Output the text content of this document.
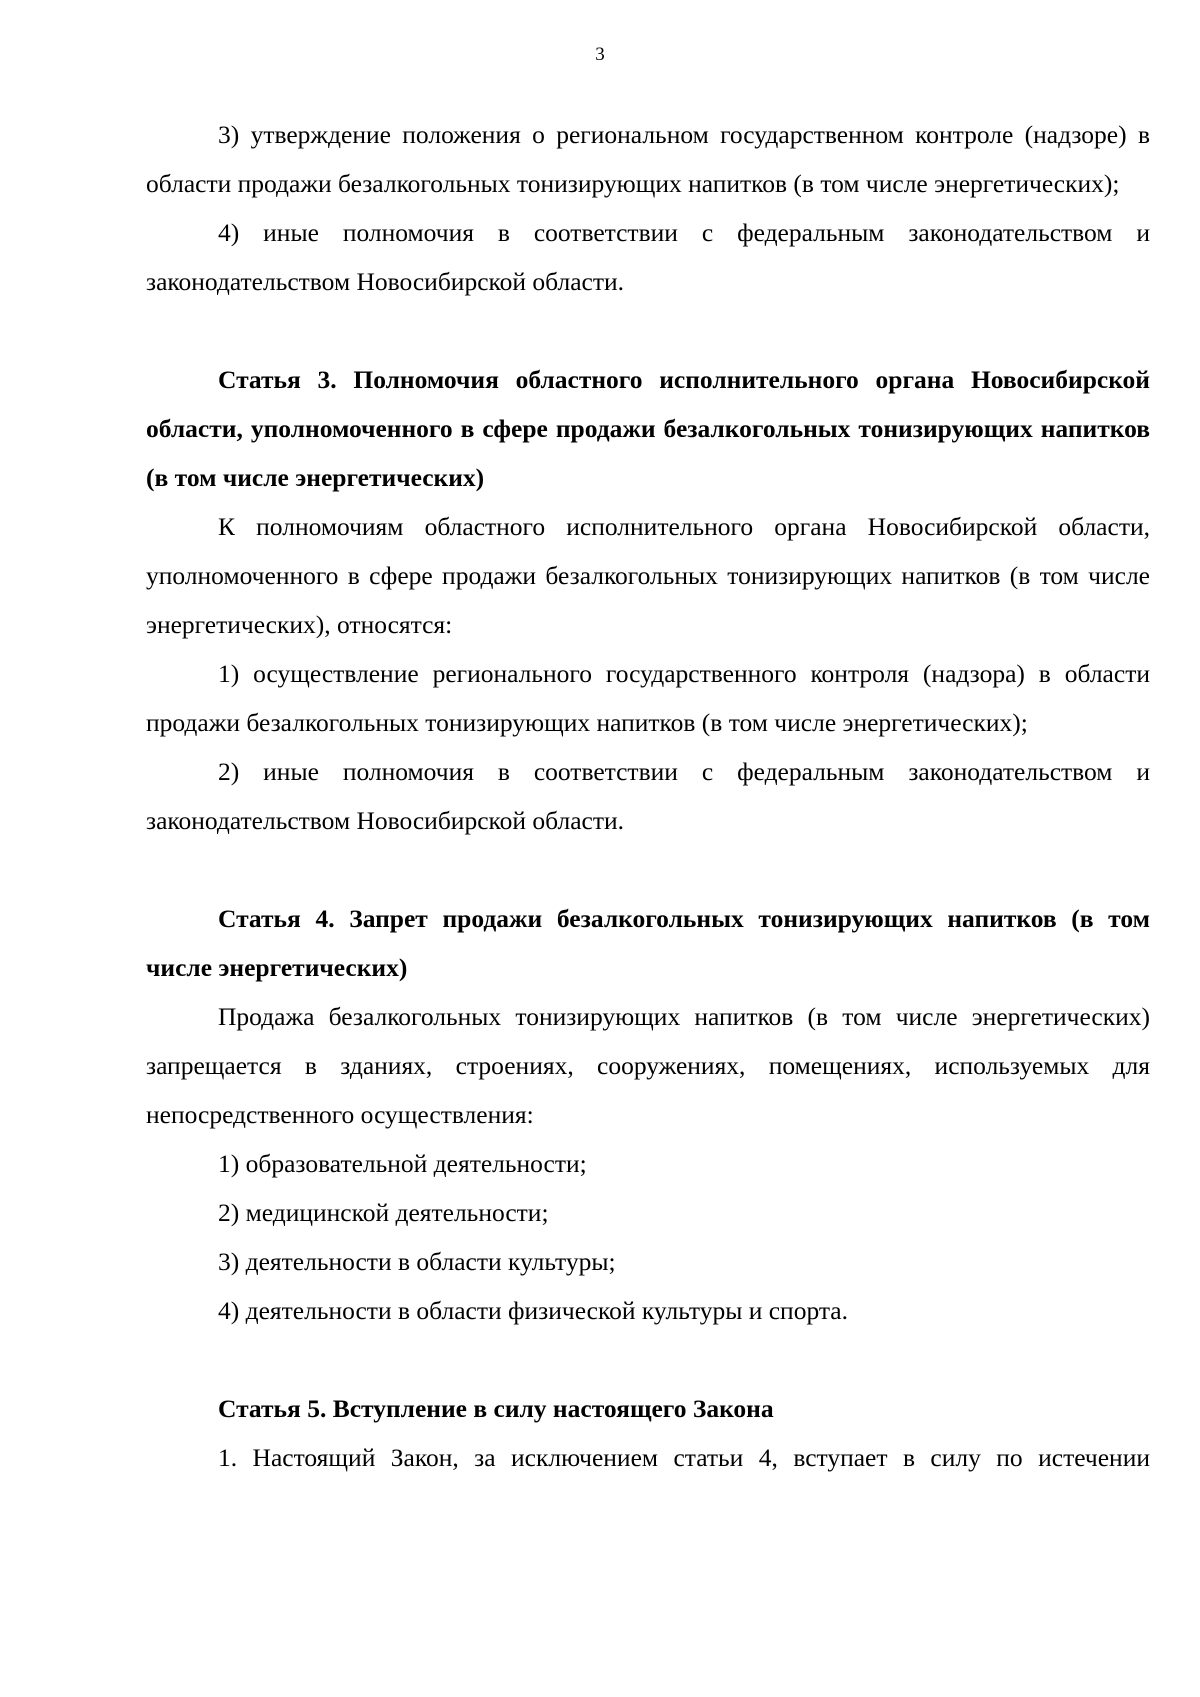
3

3) утверждение положения о региональном государственном контроле (надзоре) в области продажи безалкогольных тонизирующих напитков (в том числе энергетических);

4) иные полномочия в соответствии с федеральным законодательством и законодательством Новосибирской области.

Статья 3. Полномочия областного исполнительного органа Новосибирской области, уполномоченного в сфере продажи безалкогольных тонизирующих напитков (в том числе энергетических)

К полномочиям областного исполнительного органа Новосибирской области, уполномоченного в сфере продажи безалкогольных тонизирующих напитков (в том числе энергетических), относятся:

1) осуществление регионального государственного контроля (надзора) в области продажи безалкогольных тонизирующих напитков (в том числе энергетических);

2) иные полномочия в соответствии с федеральным законодательством и законодательством Новосибирской области.

Статья 4. Запрет продажи безалкогольных тонизирующих напитков (в том числе энергетических)

Продажа безалкогольных тонизирующих напитков (в том числе энергетических) запрещается в зданиях, строениях, сооружениях, помещениях, используемых для непосредственного осуществления:

1) образовательной деятельности;

2) медицинской деятельности;

3) деятельности в области культуры;

4) деятельности в области физической культуры и спорта.

Статья 5. Вступление в силу настоящего Закона

1. Настоящий Закон, за исключением статьи 4, вступает в силу по истечении
